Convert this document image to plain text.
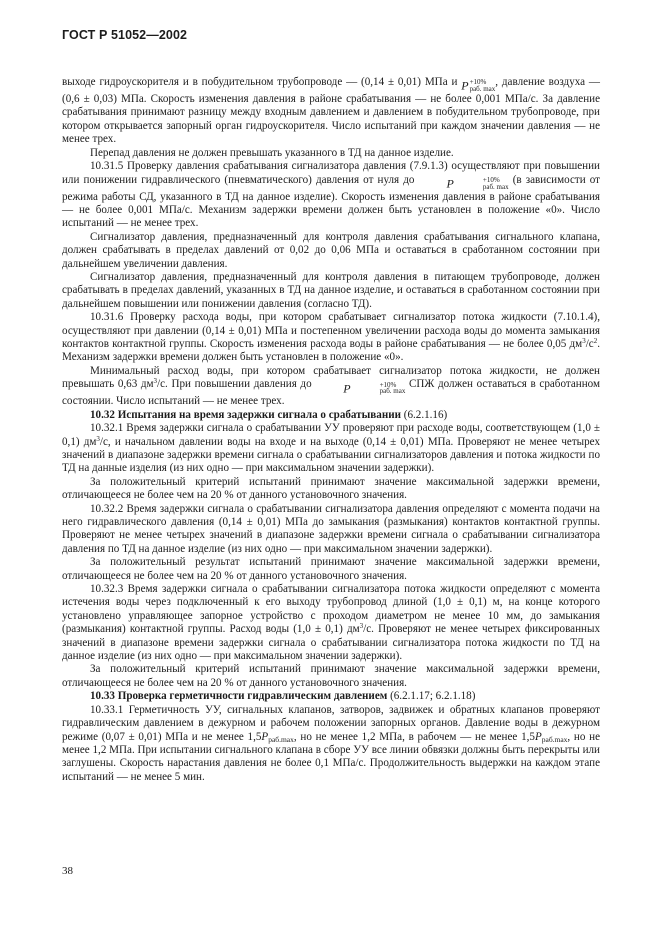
ГОСТ Р 51052—2002

выходе гидроускорителя и в побудительном трубопроводе — (0,14 ± 0,01) МПа и P +10%
раб. max
, давление воздуха — (0,6 ± 0,03) МПа. Скорость изменения давления в районе срабатывания — не более 0,001 МПа/с. За давление срабатывания принимают разницу между входным давлением и давлением в побудительном трубопроводе, при котором открывается запорный орган гидроускорителя. Число испытаний при каждом значении давления — не менее трех.

Перепад давления не должен превышать указанного в ТД на данное изделие.

10.31.5 Проверку давления срабатывания сигнализатора давления (7.9.1.3) осуществляют при повышении или понижении гидравлического (пневматического) давления от нуля до P	+10%
раб. max
(в зависимости от режима работы СД, указанного в ТД на данное изделие). Скорость изменения давления в районе срабатывания — не более 0,001 МПа/с. Механизм задержки времени должен быть установлен в положение «0». Число испытаний — не менее трех.

Сигнализатор давления, предназначенный для контроля давления срабатывания сигнального клапана, должен срабатывать в пределах давлений от 0,02 до 0,06 МПа и оставаться в сработанном состоянии при дальнейшем увеличении давления.

Сигнализатор давления, предназначенный для контроля давления в питающем трубопроводе, должен срабатывать в пределах давлений, указанных в ТД на данное изделие, и оставаться в сработанном состоянии при дальнейшем повышении или понижении давления (согласно ТД).

10.31.6 Проверку расхода воды, при котором срабатывает сигнализатор потока жидкости (7.10.1.4), осуществляют при давлении (0,14 ± 0,01) МПа и постепенном увеличении расхода воды до момента замыкания контактов контактной группы. Скорость изменения расхода воды в районе срабатывания — не более 0,05 $дм^3/с^2$. Механизм задержки времени должен быть установлен в положение «0».

Минимальный расход воды, при котором срабатывает сигнализатор потока жидкости, не должен превышать 0,63 $дм^3/с$. При повышении давления до P	+10%
раб. max
СПЖ должен оставаться в сработанном состоянии. Число испытаний — не менее трех.

10.32 Испытания на время задержки сигнала о срабатывании (6.2.1.16)

10.32.1 Время задержки сигнала о срабатывании УУ проверяют при расходе воды, соответствующем (1,0 ± 0,1) $дм^3/с$, и начальном давлении воды на входе и на выходе (0,14 ± 0,01) МПа. Проверяют не менее четырех значений в диапазоне задержки времени сигнала о срабатывании сигнализаторов давления и потока жидкости по ТД на данные изделия (из них одно — при максимальном значении задержки).

За положительный критерий испытаний принимают значение максимальной задержки времени, отличающееся не более чем на 20 % от данного установочного значения.

10.32.2 Время задержки сигнала о срабатывании сигнализатора давления определяют с момента подачи на него гидравлического давления (0,14 ± 0,01) МПа до замыкания (размыкания) контактов контактной группы. Проверяют не менее четырех значений в диапазоне задержки времени сигнала о срабатывании сигнализатора давления по ТД на данное изделие (из них одно — при максимальном значении задержки).

За положительный результат испытаний принимают значение максимальной задержки времени, отличающееся не более чем на 20 % от данного установочного значения.

10.32.3 Время задержки сигнала о срабатывании сигнализатора потока жидкости определяют с момента истечения воды через подключенный к его выходу трубопровод длиной (1,0 ± 0,1) м, на конце которого установлено управляющее запорное устройство с проходом диаметром не менее 10 мм, до замыкания (размыкания) контактной группы. Расход воды (1,0 ± 0,1) $дм^3/с$. Проверяют не менее четырех фиксированных значений в диапазоне времени задержки сигнала о срабатывании сигнализатора потока жидкости по ТД на данное изделие (из них одно — при максимальном значении задержки).

За положительный критерий испытаний принимают значение максимальной задержки времени, отличающееся не более чем на 20 % от данного установочного значения.

10.33 Проверка герметичности гидравлическим давлением (6.2.1.17; 6.2.1.18)

10.33.1 Герметичность УУ, сигнальных клапанов, затворов, задвижек и обратных клапанов проверяют гидравлическим давлением в дежурном и рабочем положении запорных органов. Давление воды в дежурном режиме (0,07 ± 0,01) МПа и не менее $1,5P_{раб.max}$, но не менее 1,2 МПа, в рабочем — не менее $1,5P_{раб.max}$, но не менее 1,2 МПа. При испытании сигнального клапана в сборе УУ все линии обвязки должны быть перекрыты или заглушены. Скорость нарастания давления не более 0,1 МПа/с. Продолжительность выдержки на каждом этапе испытаний — не менее 5 мин.

38
